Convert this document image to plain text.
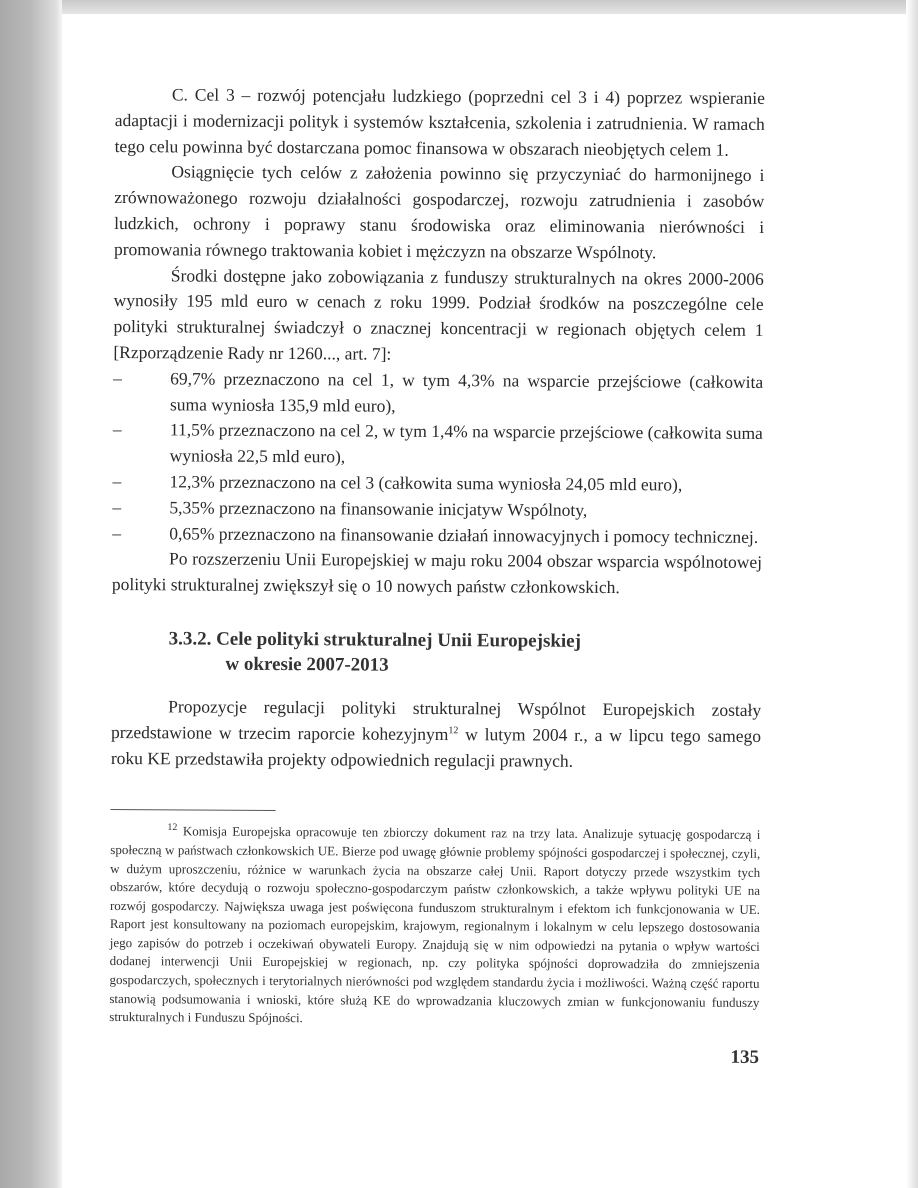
C. Cel 3 – rozwój potencjału ludzkiego (poprzedni cel 3 i 4) poprzez wspieranie adaptacji i modernizacji polityk i systemów kształcenia, szkolenia i zatrudnienia. W ramach tego celu powinna być dostarczana pomoc finansowa w obszarach nieobjętych celem 1.

Osiągnięcie tych celów z założenia powinno się przyczyniać do harmonijnego i zrównoważonego rozwoju działalności gospodarczej, rozwoju zatrudnienia i zasobów ludzkich, ochrony i poprawy stanu środowiska oraz eliminowania nierówności i promowania równego traktowania kobiet i mężczyzn na obszarze Wspólnoty.

Środki dostępne jako zobowiązania z funduszy strukturalnych na okres 2000-2006 wynosiły 195 mld euro w cenach z roku 1999. Podział środków na poszczególne cele polityki strukturalnej świadczył o znacznej koncentracji w regionach objętych celem 1 [Rzporządzenie Rady nr 1260..., art. 7]:

–	69,7% przeznaczono na cel 1, w tym 4,3% na wsparcie przejściowe (całkowita suma wyniosła 135,9 mld euro),
–	11,5% przeznaczono na cel 2, w tym 1,4% na wsparcie przejściowe (całkowita suma wyniosła 22,5 mld euro),
–	12,3% przeznaczono na cel 3 (całkowita suma wyniosła 24,05 mld euro),
–	5,35% przeznaczono na finansowanie inicjatyw Wspólnoty,
–	0,65% przeznaczono na finansowanie działań innowacyjnych i pomocy technicznej.

Po rozszerzeniu Unii Europejskiej w maju roku 2004 obszar wsparcia wspólnotowej polityki strukturalnej zwiększył się o 10 nowych państw członkowskich.

3.3.2. Cele polityki strukturalnej Unii Europejskiej
w okresie 2007-2013

Propozycje regulacji polityki strukturalnej Wspólnot Europejskich zostały przedstawione w trzecim raporcie kohezyjnym$^{12}$ w lutym 2004 r., a w lipcu tego samego roku KE przedstawiła projekty odpowiednich regulacji prawnych.

$^{12}$ Komisja Europejska opracowuje ten zbiorczy dokument raz na trzy lata. Analizuje sytuację gospodarczą i społeczną w państwach członkowskich UE. Bierze pod uwagę głównie problemy spójności gospodarczej i społecznej, czyli, w dużym uproszczeniu, różnice w warunkach życia na obszarze całej Unii. Raport dotyczy przede wszystkim tych obszarów, które decydują o rozwoju społeczno-gospodarczym państw członkowskich, a także wpływu polityki UE na rozwój gospodarczy. Największa uwaga jest poświęcona funduszom strukturalnym i efektom ich funkcjonowania w UE. Raport jest konsultowany na poziomach europejskim, krajowym, regionalnym i lokalnym w celu lepszego dostosowania jego zapisów do potrzeb i oczekiwań obywateli Europy. Znajdują się w nim odpowiedzi na pytania o wpływ wartości dodanej interwencji Unii Europejskiej w regionach, np. czy polityka spójności doprowadziła do zmniejszenia gospodarczych, społecznych i terytorialnych nierówności pod względem standardu życia i możliwości. Ważną część raportu stanowią podsumowania i wnioski, które służą KE do wprowadzania kluczowych zmian w funkcjonowaniu funduszy strukturalnych i Funduszu Spójności.

135
